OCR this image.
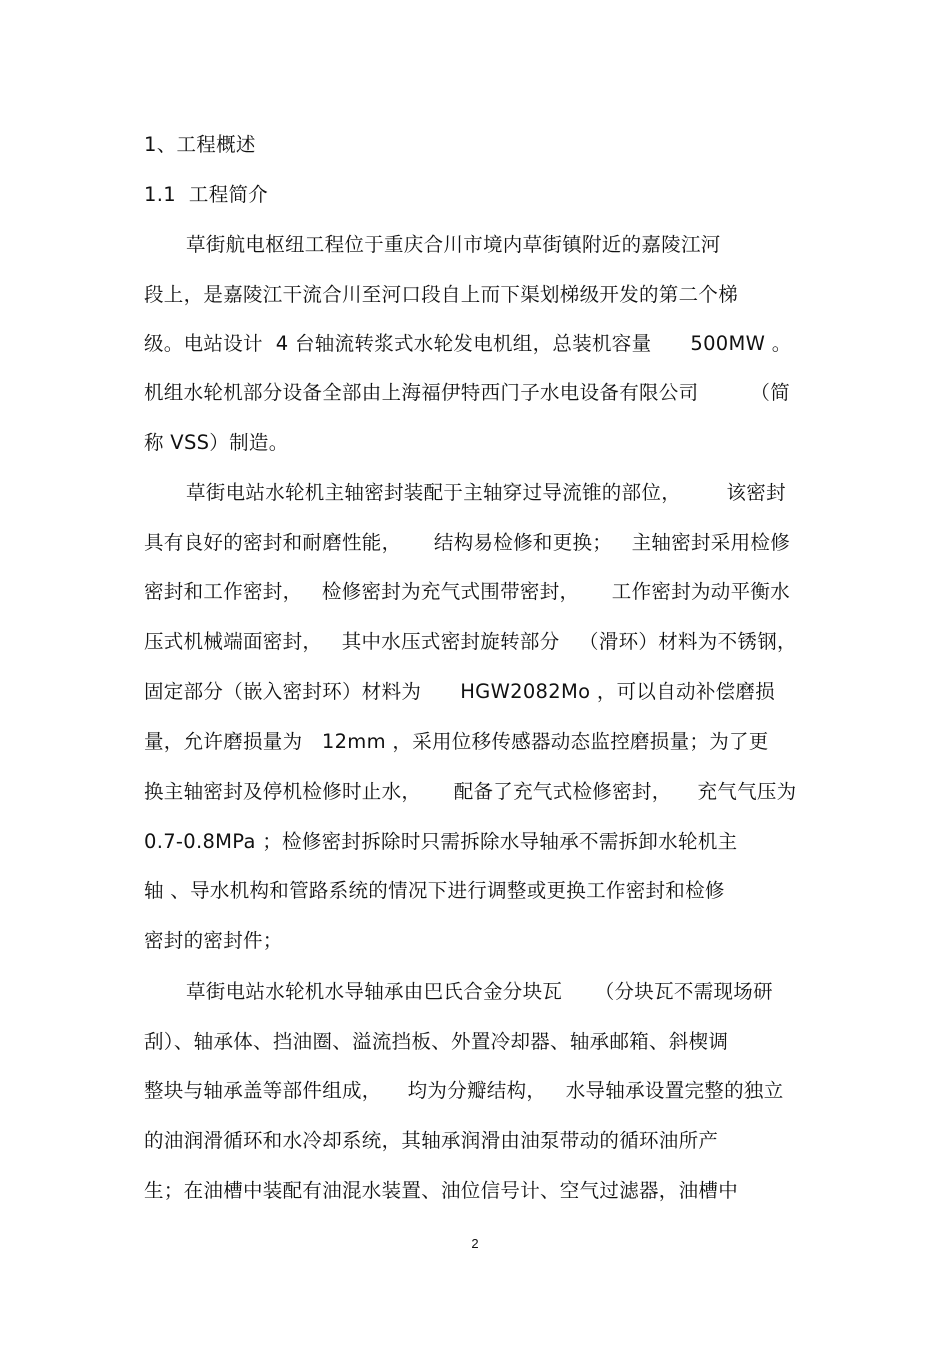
1、工程概述
1.1  工程简介
草街航电枢纽工程位于重庆合川市境内草街镇附近的嘉陵江河
段上，是嘉陵江干流合川至河口段自上而下渠划梯级开发的第二个梯
级。电站设计  4 台轴流转浆式水轮发电机组，总装机容量      500MW 。
机组水轮机部分设备全部由上海福伊特西门子水电设备有限公司        （简
称 VSS）制造。
草街电站水轮机主轴密封装配于主轴穿过导流锥的部位，       该密封
具有良好的密封和耐磨性能，     结构易检修和更换；   主轴密封采用检修
密封和工作密封，   检修密封为充气式围带密封，     工作密封为动平衡水
压式机械端面密封，   其中水压式密封旋转部分   （滑环）材料为不锈钢，
固定部分（嵌入密封环）材料为      HGW2082Mo ，可以自动补偿磨损
量，允许磨损量为   12mm ，采用位移传感器动态监控磨损量；为了更
换主轴密封及停机检修时止水，     配备了充气式检修密封，    充气气压为
0.7-0.8MPa ；检修密封拆除时只需拆除水导轴承不需拆卸水轮机主
轴 、导水机构和管路系统的情况下进行调整或更换工作密封和检修
密封的密封件；
草街电站水轮机水导轴承由巴氏合金分块瓦     （分块瓦不需现场研
刮）、轴承体、挡油圈、溢流挡板、外置冷却器、轴承邮箱、斜楔调
整块与轴承盖等部件组成，    均为分瓣结构，   水导轴承设置完整的独立
的油润滑循环和水冷却系统，其轴承润滑由油泵带动的循环油所产
生；在油槽中装配有油混水装置、油位信号计、空气过滤器，油槽中
2
